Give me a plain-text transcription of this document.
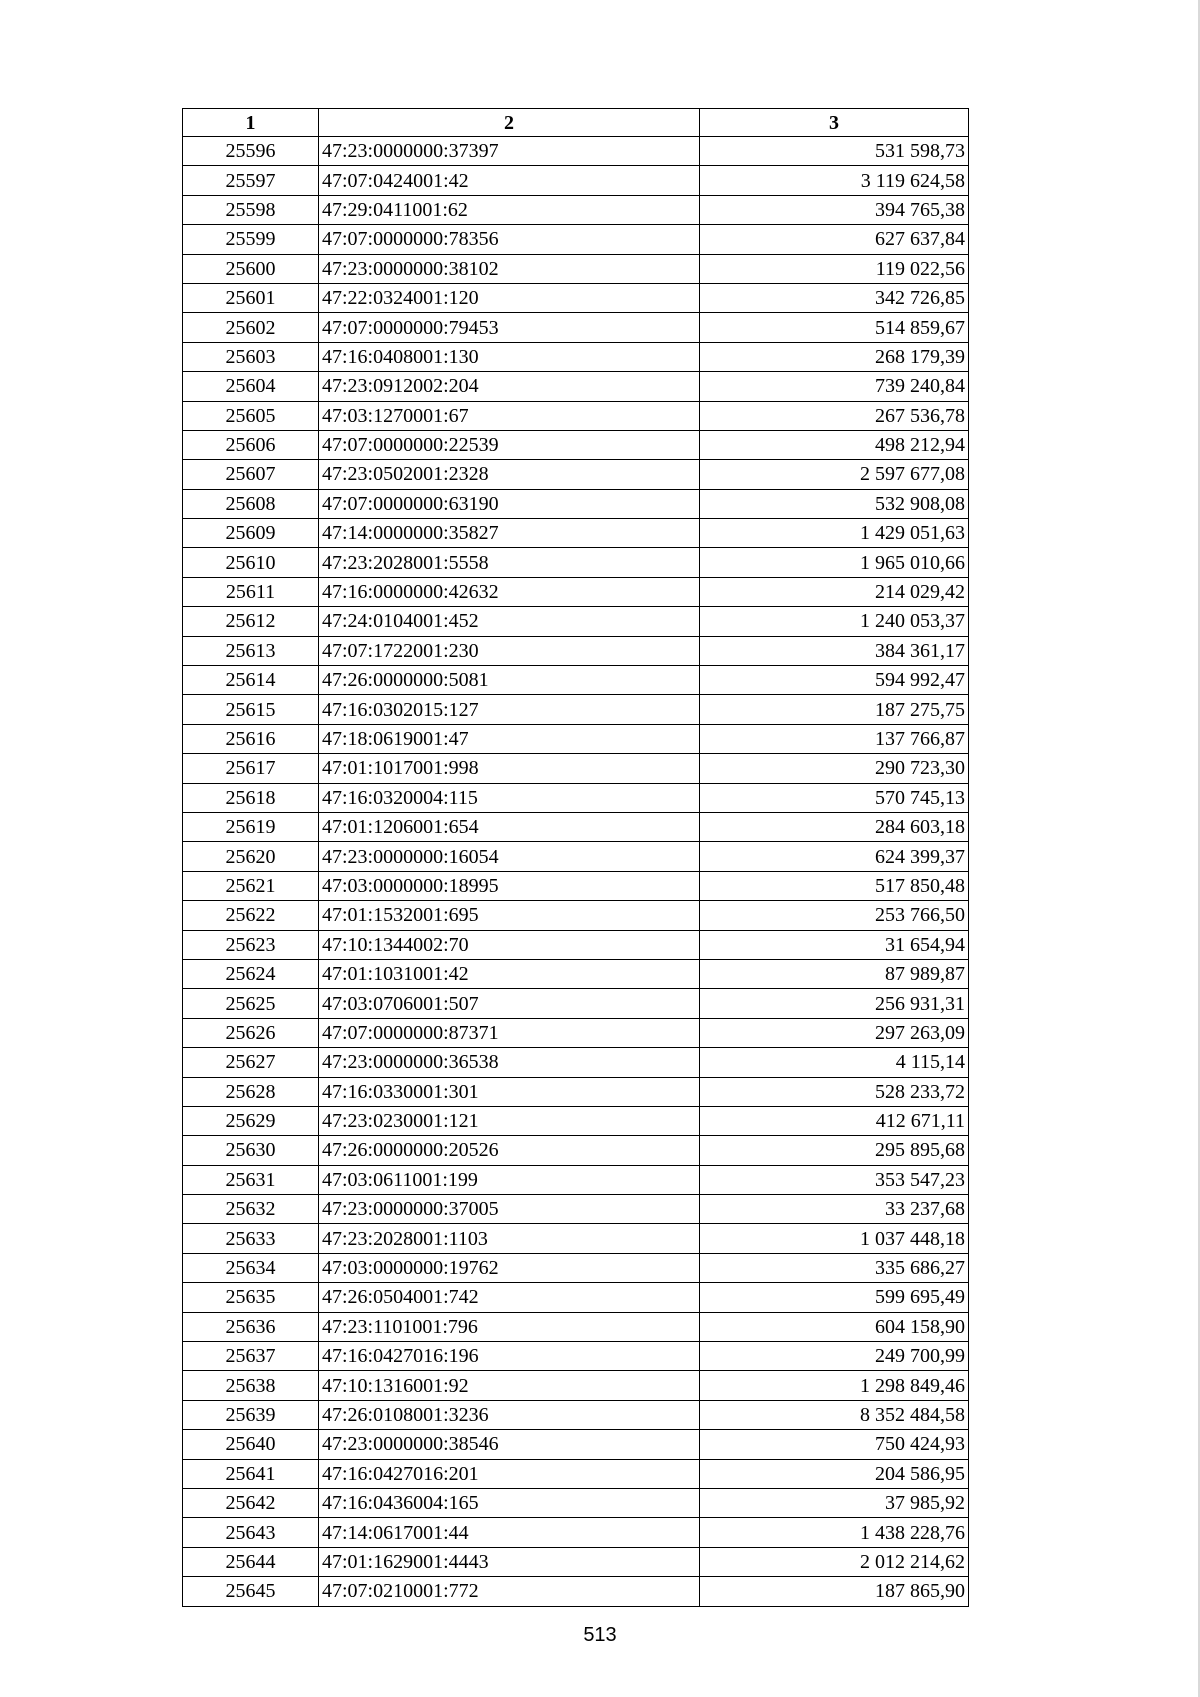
1	2	3
25596	47:23:0000000:37397	531 598,73
25597	47:07:0424001:42	3 119 624,58
25598	47:29:0411001:62	394 765,38
25599	47:07:0000000:78356	627 637,84
25600	47:23:0000000:38102	119 022,56
25601	47:22:0324001:120	342 726,85
25602	47:07:0000000:79453	514 859,67
25603	47:16:0408001:130	268 179,39
25604	47:23:0912002:204	739 240,84
25605	47:03:1270001:67	267 536,78
25606	47:07:0000000:22539	498 212,94
25607	47:23:0502001:2328	2 597 677,08
25608	47:07:0000000:63190	532 908,08
25609	47:14:0000000:35827	1 429 051,63
25610	47:23:2028001:5558	1 965 010,66
25611	47:16:0000000:42632	214 029,42
25612	47:24:0104001:452	1 240 053,37
25613	47:07:1722001:230	384 361,17
25614	47:26:0000000:5081	594 992,47
25615	47:16:0302015:127	187 275,75
25616	47:18:0619001:47	137 766,87
25617	47:01:1017001:998	290 723,30
25618	47:16:0320004:115	570 745,13
25619	47:01:1206001:654	284 603,18
25620	47:23:0000000:16054	624 399,37
25621	47:03:0000000:18995	517 850,48
25622	47:01:1532001:695	253 766,50
25623	47:10:1344002:70	31 654,94
25624	47:01:1031001:42	87 989,87
25625	47:03:0706001:507	256 931,31
25626	47:07:0000000:87371	297 263,09
25627	47:23:0000000:36538	4 115,14
25628	47:16:0330001:301	528 233,72
25629	47:23:0230001:121	412 671,11
25630	47:26:0000000:20526	295 895,68
25631	47:03:0611001:199	353 547,23
25632	47:23:0000000:37005	33 237,68
25633	47:23:2028001:1103	1 037 448,18
25634	47:03:0000000:19762	335 686,27
25635	47:26:0504001:742	599 695,49
25636	47:23:1101001:796	604 158,90
25637	47:16:0427016:196	249 700,99
25638	47:10:1316001:92	1 298 849,46
25639	47:26:0108001:3236	8 352 484,58
25640	47:23:0000000:38546	750 424,93
25641	47:16:0427016:201	204 586,95
25642	47:16:0436004:165	37 985,92
25643	47:14:0617001:44	1 438 228,76
25644	47:01:1629001:4443	2 012 214,62
25645	47:07:0210001:772	187 865,90
513
